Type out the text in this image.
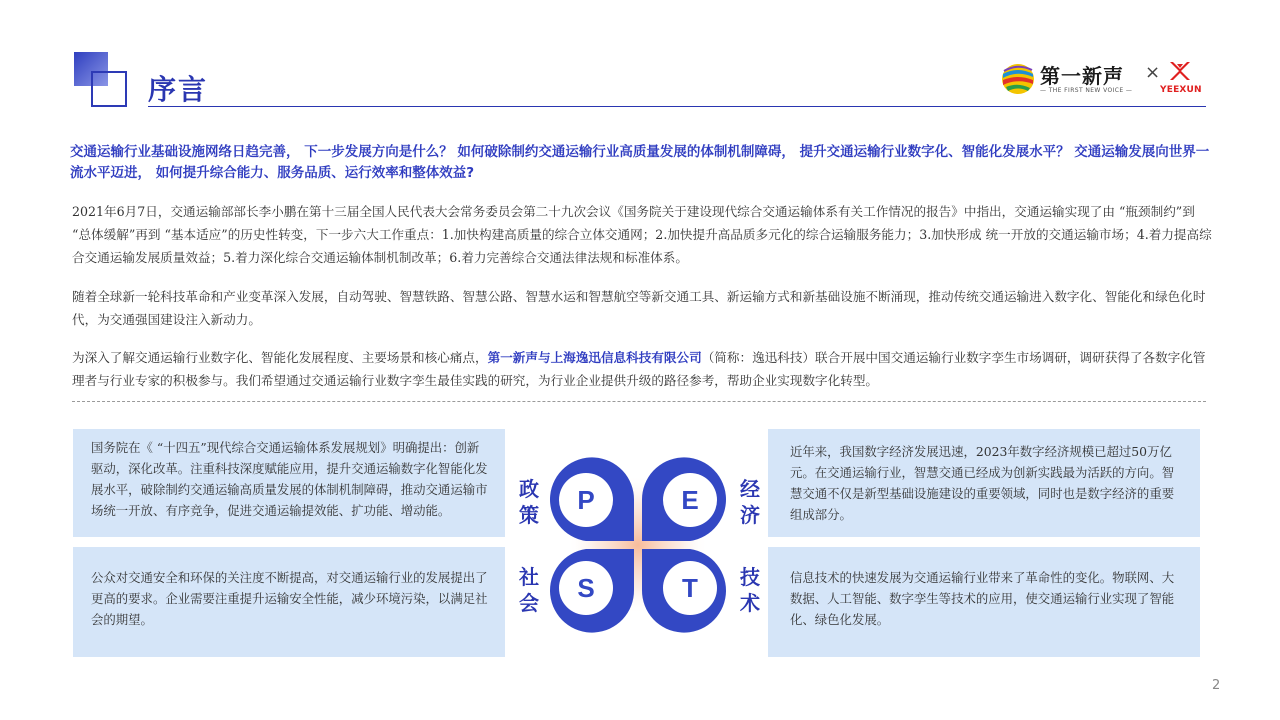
序言	第一新声
— THE FIRST NEW VOICE —
×
YEEXUN
交通运输行业基础设施网络日趋完善， 下一步发展方向是什么？ 如何破除制约交通运输行业高质量发展的体制机制障碍， 提升交通运输行业数字化、智能化发展水平？ 交通运输发展向世界一流水平迈进， 如何提升综合能力、服务品质、运行效率和整体效益?
2021年6月7日，交通运输部部长李小鹏在第十三届全国人民代表大会常务委员会第二十九次会议《国务院关于建设现代综合交通运输体系有关工作情况的报告》中指出，交通运输实现了由 “瓶颈制约”到 “总体缓解”再到 “基本适应”的历史性转变，下一步六大工作重点：1.加快构建高质量的综合立体交通网；2.加快提升高品质多元化的综合运输服务能力；3.加快形成 统一开放的交通运输市场；4.着力提高综合交通运输发展质量效益；5.着力深化综合交通运输体制机制改革；6.着力完善综合交通法律法规和标准体系。
随着全球新一轮科技革命和产业变革深入发展，自动驾驶、智慧铁路、智慧公路、智慧水运和智慧航空等新交通工具、新运输方式和新基础设施不断涌现，推动传统交通运输进入数字化、智能化和绿色化时代，为交通强国建设注入新动力。
为深入了解交通运输行业数字化、智能化发展程度、主要场景和核心痛点，第一新声与上海逸迅信息科技有限公司（简称：逸迅科技）联合开展中国交通运输行业数字孪生市场调研，调研获得了各数字化管理者与行业专家的积极参与。我们希望通过交通运输行业数字孪生最佳实践的研究，为行业企业提供升级的路径参考，帮助企业实现数字化转型。
国务院在《 “十四五”现代综合交通运输体系发展规划》明确提出：创新驱动，深化改革。注重科技深度赋能应用，提升交通运输数字化智能化发展水平，破除制约交通运输高质量发展的体制机制障碍，推动交通运输市场统一开放、有序竞争，促进交通运输提效能、扩功能、增动能。
公众对交通安全和环保的关注度不断提高，对交通运输行业的发展提出了更高的要求。企业需要注重提升运输安全性能，减少环境污染，以满足社会的期望。
近年来，我国数字经济发展迅速，2023年数字经济规模已超过50万亿元。在交通运输行业，智慧交通已经成为创新实践最为活跃的方向。智慧交通不仅是新型基础设施建设的重要领域，同时也是数字经济的重要组成部分。
信息技术的快速发展为交通运输行业带来了革命性的变化。物联网、大数据、人工智能、数字孪生等技术的应用，使交通运输行业实现了智能化、绿色化发展。
P	E
S	T
政策
经济
社会
技术
2
